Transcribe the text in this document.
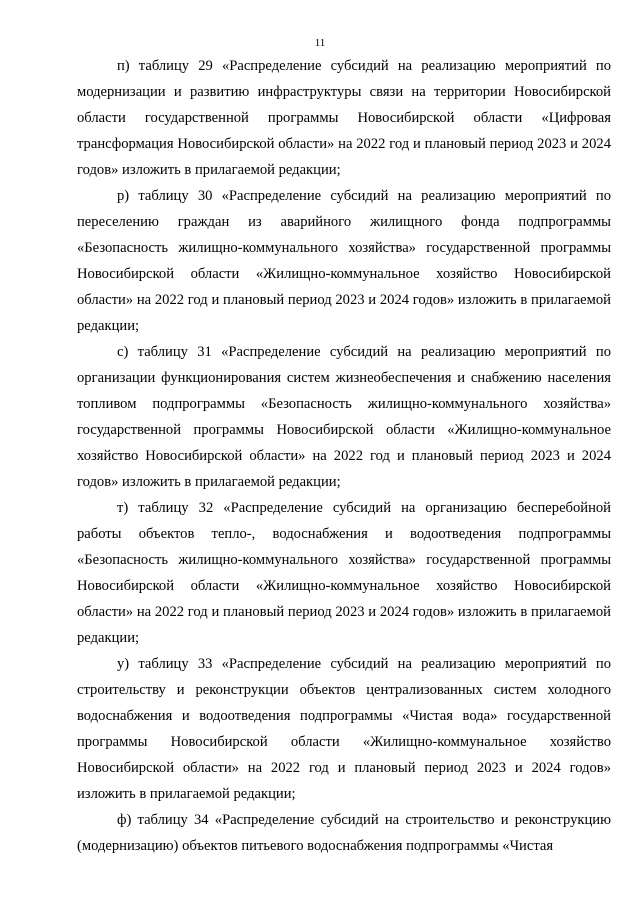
11

п) таблицу 29 «Распределение субсидий на реализацию мероприятий по модернизации и развитию инфраструктуры связи на территории Новосибирской области государственной программы Новосибирской области «Цифровая трансформация Новосибирской области» на 2022 год и плановый период 2023 и 2024 годов» изложить в прилагаемой редакции;

р) таблицу 30 «Распределение субсидий на реализацию мероприятий по переселению граждан из аварийного жилищного фонда подпрограммы «Безопасность жилищно-коммунального хозяйства» государственной программы Новосибирской области «Жилищно-коммунальное хозяйство Новосибирской области» на 2022 год и плановый период 2023 и 2024 годов» изложить в прилагаемой редакции;

с) таблицу 31 «Распределение субсидий на реализацию мероприятий по организации функционирования систем жизнеобеспечения и снабжению населения топливом подпрограммы «Безопасность жилищно-коммунального хозяйства» государственной программы Новосибирской области «Жилищно-коммунальное хозяйство Новосибирской области» на 2022 год и плановый период 2023 и 2024 годов» изложить в прилагаемой редакции;

т) таблицу 32 «Распределение субсидий на организацию бесперебойной работы объектов тепло-, водоснабжения и водоотведения подпрограммы «Безопасность жилищно-коммунального хозяйства» государственной программы Новосибирской области «Жилищно-коммунальное хозяйство Новосибирской области» на 2022 год и плановый период 2023 и 2024 годов» изложить в прилагаемой редакции;

у) таблицу 33 «Распределение субсидий на реализацию мероприятий по строительству и реконструкции объектов централизованных систем холодного водоснабжения и водоотведения подпрограммы «Чистая вода» государственной программы Новосибирской области «Жилищно-коммунальное хозяйство Новосибирской области» на 2022 год и плановый период 2023 и 2024 годов» изложить в прилагаемой редакции;

ф) таблицу 34 «Распределение субсидий на строительство и реконструкцию (модернизацию) объектов питьевого водоснабжения подпрограммы «Чистая
